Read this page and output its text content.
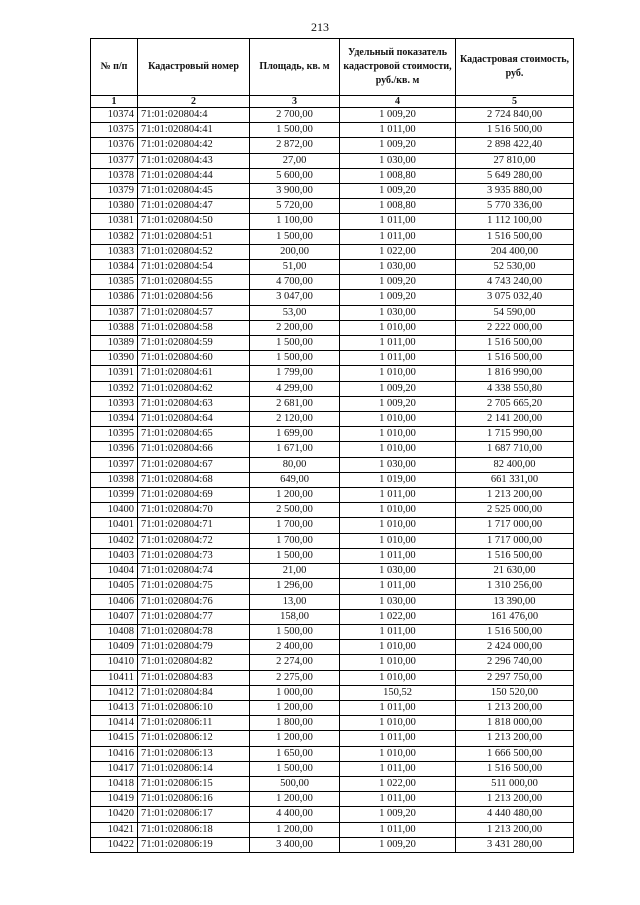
213
№ п/п	Кадастровый номер	Площадь, кв. м	Удельный показатель кадастровой стоимости, руб./кв. м	Кадастровая стоимость, руб.
1	2	3	4	5
10374	71:01:020804:4	2 700,00	1 009,20	2 724 840,00
10375	71:01:020804:41	1 500,00	1 011,00	1 516 500,00
10376	71:01:020804:42	2 872,00	1 009,20	2 898 422,40
10377	71:01:020804:43	27,00	1 030,00	27 810,00
10378	71:01:020804:44	5 600,00	1 008,80	5 649 280,00
10379	71:01:020804:45	3 900,00	1 009,20	3 935 880,00
10380	71:01:020804:47	5 720,00	1 008,80	5 770 336,00
10381	71:01:020804:50	1 100,00	1 011,00	1 112 100,00
10382	71:01:020804:51	1 500,00	1 011,00	1 516 500,00
10383	71:01:020804:52	200,00	1 022,00	204 400,00
10384	71:01:020804:54	51,00	1 030,00	52 530,00
10385	71:01:020804:55	4 700,00	1 009,20	4 743 240,00
10386	71:01:020804:56	3 047,00	1 009,20	3 075 032,40
10387	71:01:020804:57	53,00	1 030,00	54 590,00
10388	71:01:020804:58	2 200,00	1 010,00	2 222 000,00
10389	71:01:020804:59	1 500,00	1 011,00	1 516 500,00
10390	71:01:020804:60	1 500,00	1 011,00	1 516 500,00
10391	71:01:020804:61	1 799,00	1 010,00	1 816 990,00
10392	71:01:020804:62	4 299,00	1 009,20	4 338 550,80
10393	71:01:020804:63	2 681,00	1 009,20	2 705 665,20
10394	71:01:020804:64	2 120,00	1 010,00	2 141 200,00
10395	71:01:020804:65	1 699,00	1 010,00	1 715 990,00
10396	71:01:020804:66	1 671,00	1 010,00	1 687 710,00
10397	71:01:020804:67	80,00	1 030,00	82 400,00
10398	71:01:020804:68	649,00	1 019,00	661 331,00
10399	71:01:020804:69	1 200,00	1 011,00	1 213 200,00
10400	71:01:020804:70	2 500,00	1 010,00	2 525 000,00
10401	71:01:020804:71	1 700,00	1 010,00	1 717 000,00
10402	71:01:020804:72	1 700,00	1 010,00	1 717 000,00
10403	71:01:020804:73	1 500,00	1 011,00	1 516 500,00
10404	71:01:020804:74	21,00	1 030,00	21 630,00
10405	71:01:020804:75	1 296,00	1 011,00	1 310 256,00
10406	71:01:020804:76	13,00	1 030,00	13 390,00
10407	71:01:020804:77	158,00	1 022,00	161 476,00
10408	71:01:020804:78	1 500,00	1 011,00	1 516 500,00
10409	71:01:020804:79	2 400,00	1 010,00	2 424 000,00
10410	71:01:020804:82	2 274,00	1 010,00	2 296 740,00
10411	71:01:020804:83	2 275,00	1 010,00	2 297 750,00
10412	71:01:020804:84	1 000,00	150,52	150 520,00
10413	71:01:020806:10	1 200,00	1 011,00	1 213 200,00
10414	71:01:020806:11	1 800,00	1 010,00	1 818 000,00
10415	71:01:020806:12	1 200,00	1 011,00	1 213 200,00
10416	71:01:020806:13	1 650,00	1 010,00	1 666 500,00
10417	71:01:020806:14	1 500,00	1 011,00	1 516 500,00
10418	71:01:020806:15	500,00	1 022,00	511 000,00
10419	71:01:020806:16	1 200,00	1 011,00	1 213 200,00
10420	71:01:020806:17	4 400,00	1 009,20	4 440 480,00
10421	71:01:020806:18	1 200,00	1 011,00	1 213 200,00
10422	71:01:020806:19	3 400,00	1 009,20	3 431 280,00
